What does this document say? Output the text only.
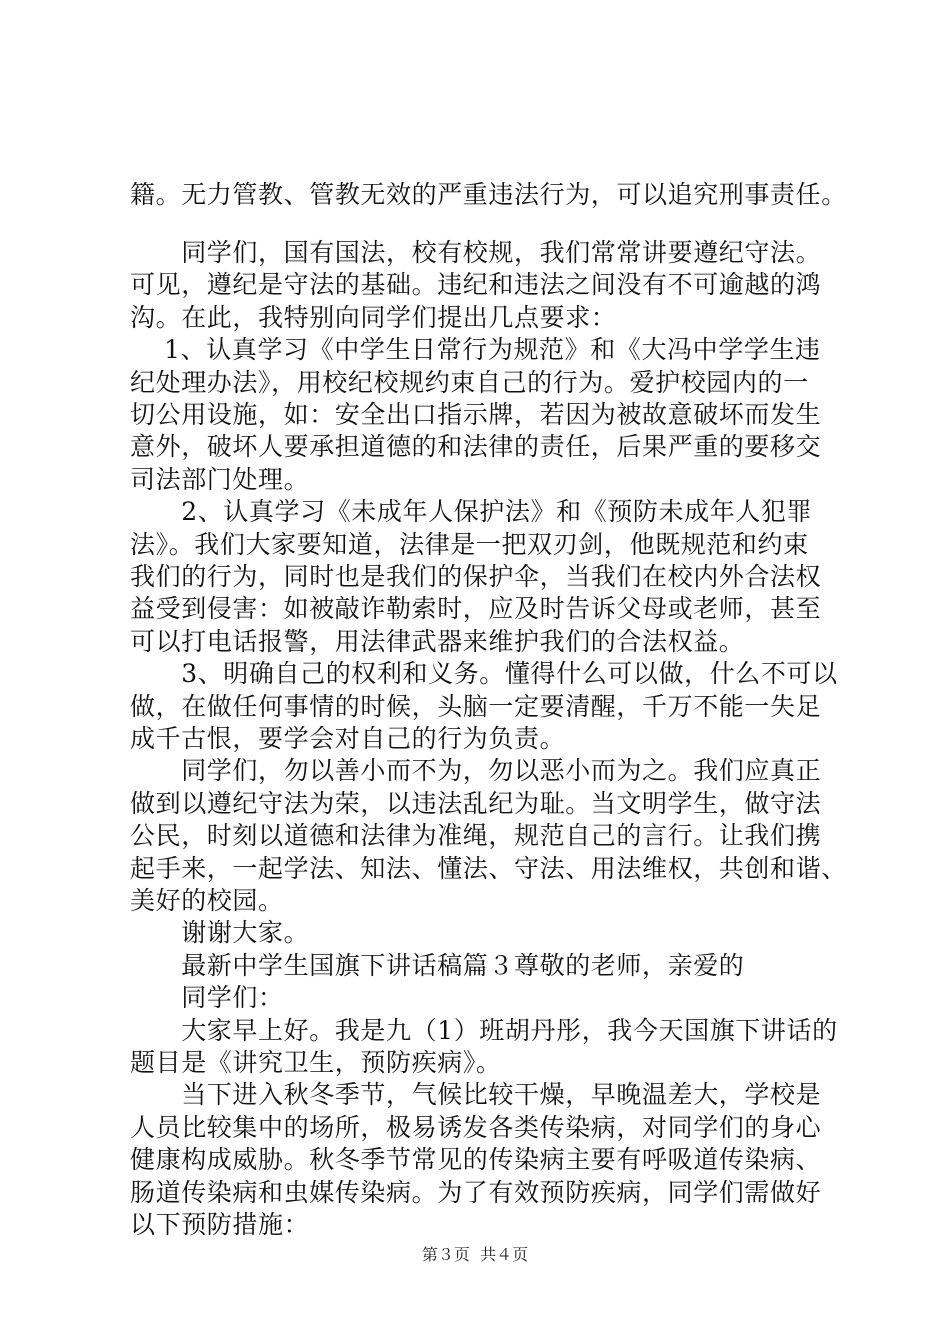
籍。无力管教、管教无效的严重违法行为，可以追究刑事责任。
　　同学们，国有国法，校有校规，我们常常讲要遵纪守法。
可见，遵纪是守法的基础。违纪和违法之间没有不可逾越的鸿
沟。在此，我特别向同学们提出几点要求：
　 1、认真学习《中学生日常行为规范》和《大冯中学学生违
纪处理办法》，用校纪校规约束自己的行为。爱护校园内的一
切公用设施，如：安全出口指示牌，若因为被故意破坏而发生
意外，破坏人要承担道德的和法律的责任，后果严重的要移交
司法部门处理。
　　2、认真学习《未成年人保护法》和《预防未成年人犯罪
法》。我们大家要知道，法律是一把双刃剑，他既规范和约束
我们的行为，同时也是我们的保护伞，当我们在校内外合法权
益受到侵害：如被敲诈勒索时，应及时告诉父母或老师，甚至
可以打电话报警，用法律武器来维护我们的合法权益。
　　3、明确自己的权利和义务。懂得什么可以做，什么不可以
做，在做任何事情的时候，头脑一定要清醒，千万不能一失足
成千古恨，要学会对自己的行为负责。
　　同学们，勿以善小而不为，勿以恶小而为之。我们应真正
做到以遵纪守法为荣，以违法乱纪为耻。当文明学生，做守法
公民，时刻以道德和法律为准绳，规范自己的言行。让我们携
起手来，一起学法、知法、懂法、守法、用法维权，共创和谐、
美好的校园。
　　谢谢大家。
　　最新中学生国旗下讲话稿篇３尊敬的老师，亲爱的
　　同学们：
　　大家早上好。我是九（1）班胡丹彤，我今天国旗下讲话的
题目是《讲究卫生，预防疾病》。
　　当下进入秋冬季节，气候比较干燥，早晚温差大，学校是
人员比较集中的场所，极易诱发各类传染病，对同学们的身心
健康构成威胁。秋冬季节常见的传染病主要有呼吸道传染病、
肠道传染病和虫媒传染病。为了有效预防疾病，同学们需做好
以下预防措施：
第３页  共４页
